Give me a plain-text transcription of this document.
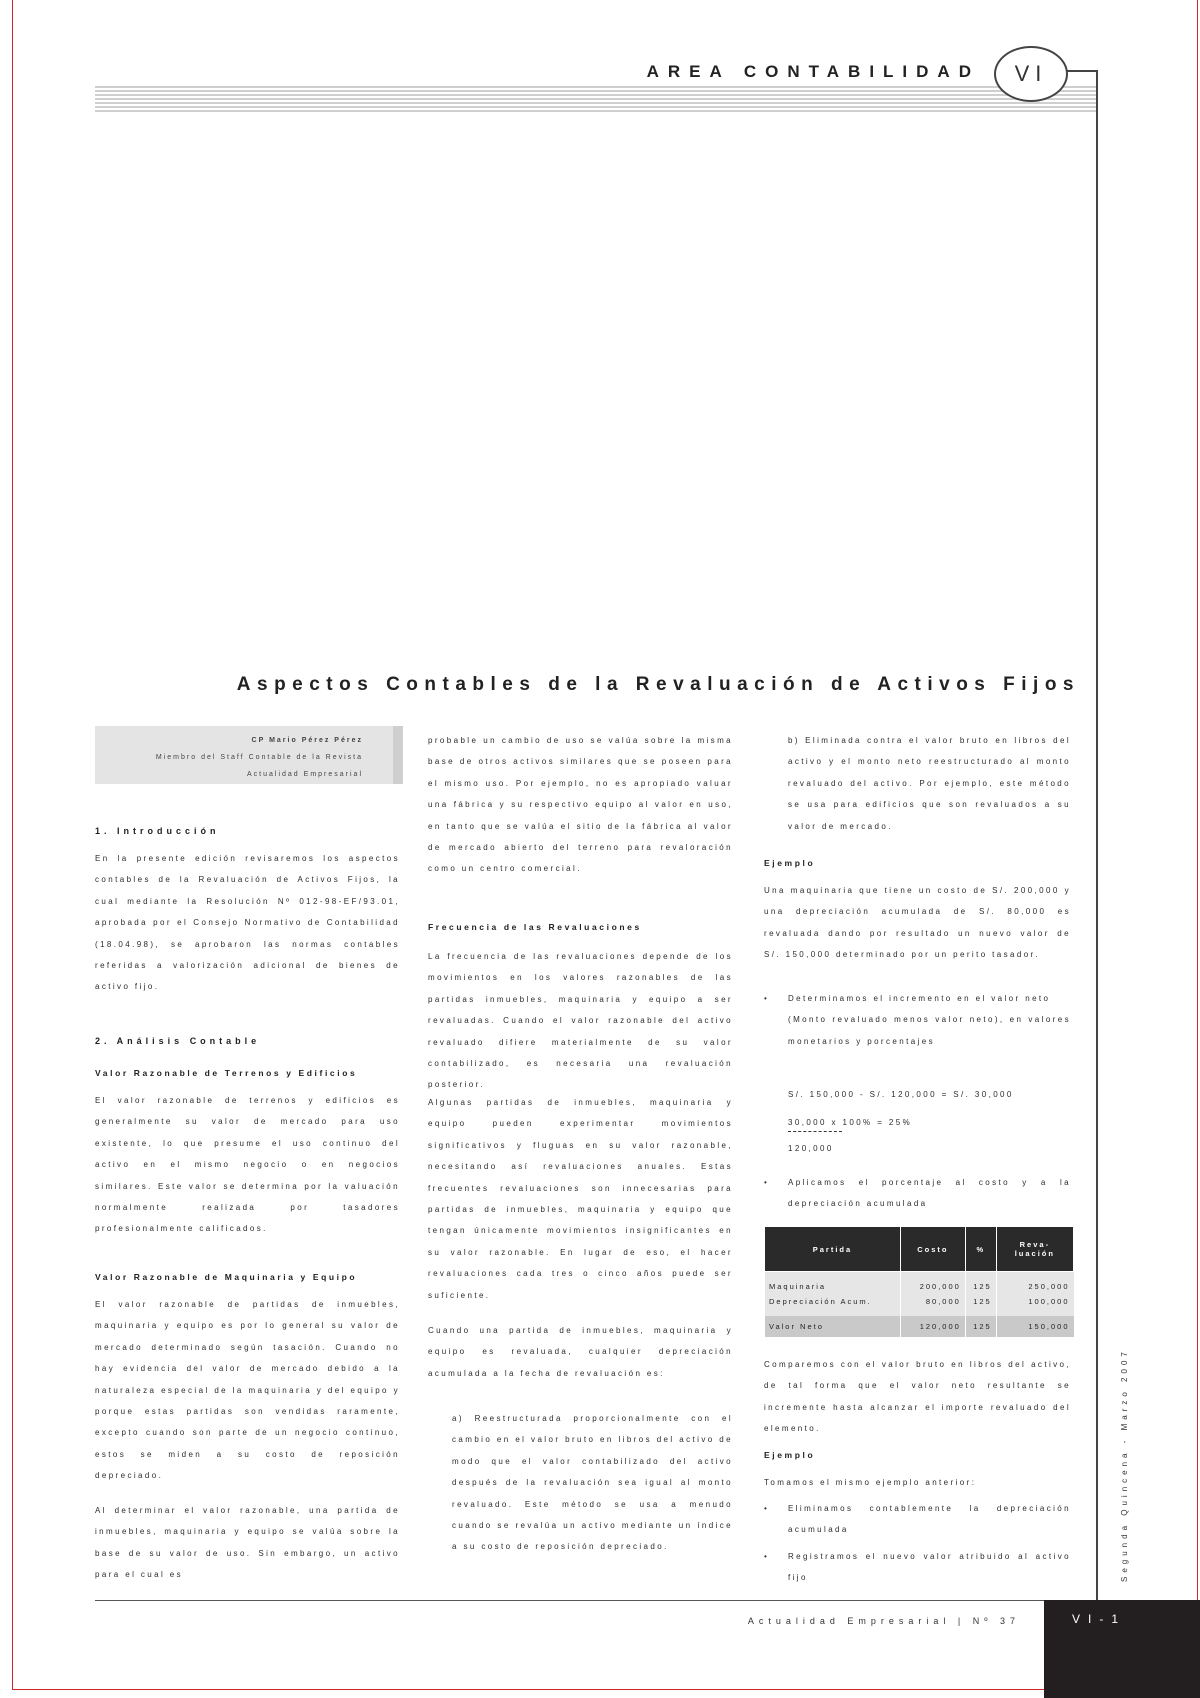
AREA CONTABILIDAD	VI
Aspectos Contables de la Revaluación de Activos Fijos
CP Mario Pérez Pérez
Miembro del Staff Contable de la Revista
Actualidad Empresarial
1. Introducción
En la presente edición revisaremos los aspectos contables de la Revaluación de Activos Fijos, la cual mediante la Resolución Nº 012-98-EF/93.01, aprobada por el Consejo Normativo de Contabilidad (18.04.98), se aprobaron las normas contables referidas a valorización adicional de bienes de activo fijo.
2. Análisis Contable
Valor Razonable de Terrenos y Edificios
El valor razonable de terrenos y edificios es generalmente su valor de mercado para uso existente, lo que presume el uso continuo del activo en el mismo negocio o en negocios similares. Este valor se determina por la valuación normalmente realizada por tasadores profesionalmente calificados.
Valor Razonable de Maquinaria y Equipo
El valor razonable de partidas de inmuebles, maquinaria y equipo es por lo general su valor de mercado determinado según tasación. Cuando no hay evidencia del valor de mercado debido a la naturaleza especial de la maquinaria y del equipo y porque estas partidas son vendidas raramente, excepto cuando son parte de un negocio continuo, estos se miden a su costo de reposición depreciado.
Al determinar el valor razonable, una partida de inmuebles, maquinaria y equipo se valúa sobre la base de su valor de uso. Sin embargo, un activo para el cual es
probable un cambio de uso se valúa sobre la misma base de otros activos similares que se poseen para el mismo uso. Por ejemplo, no es apropiado valuar una fábrica y su respectivo equipo al valor en uso, en tanto que se valúa el sitio de la fábrica al valor de mercado abierto del terreno para revaloración como un centro comercial.
Frecuencia de las Revaluaciones
La frecuencia de las revaluaciones depende de los movimientos en los valores razonables de las partidas inmuebles, maquinaria y equipo a ser revaluadas. Cuando el valor razonable del activo revaluado difiere materialmente de su valor contabilizado, es necesaria una revaluación posterior.
Algunas partidas de inmuebles, maquinaria y equipo pueden experimentar movimientos significativos y fluguas en su valor razonable, necesitando así revaluaciones anuales. Estas frecuentes revaluaciones son innecesarias para partidas de inmuebles, maquinaria y equipo que tengan únicamente movimientos insignificantes en su valor razonable. En lugar de eso, el hacer revaluaciones cada tres o cinco años puede ser suficiente.
Cuando una partida de inmuebles, maquinaria y equipo es revaluada, cualquier depreciación acumulada a la fecha de revaluación es:
a) Reestructurada proporcionalmente con el cambio en el valor bruto en libros del activo de modo que el valor contabilizado del activo después de la revaluación sea igual al monto revaluado. Este método se usa a menudo cuando se revalúa un activo mediante un índice a su costo de reposición depreciado.
b) Eliminada contra el valor bruto en libros del activo y el monto neto reestructurado al monto revaluado del activo. Por ejemplo, este método se usa para edificios que son revaluados a su valor de mercado.
Ejemplo
Una maquinaria que tiene un costo de S/. 200,000 y una depreciación acumulada de S/. 80,000 es revaluada dando por resultado un nuevo valor de S/. 150,000 determinado por un perito tasador.
•	Determinamos el incremento en el valor neto
(Monto revaluado menos valor neto), en valores monetarios y porcentajes
S/. 150,000 - S/. 120,000 = S/. 30,000
30,000 x 100% = 25%
120,000
•	Aplicamos el porcentaje al costo y a la depreciación acumulada
Partida	Costo	%	Reva-luación
Maquinaria	200,000	125	250,000
Depreciación Acum.	80,000	125	100,000
Valor Neto	120,000	125	150,000
Comparemos con el valor bruto en libros del activo, de tal forma que el valor neto resultante se incremente hasta alcanzar el importe revaluado del elemento.
Ejemplo
Tomamos el mismo ejemplo anterior:
•	Eliminamos contablemente la depreciación acumulada
•	Registramos el nuevo valor atribuido al activo fijo	Segunda Quincena - Marzo 2007
Actualidad Empresarial | Nº 37	VI-1
